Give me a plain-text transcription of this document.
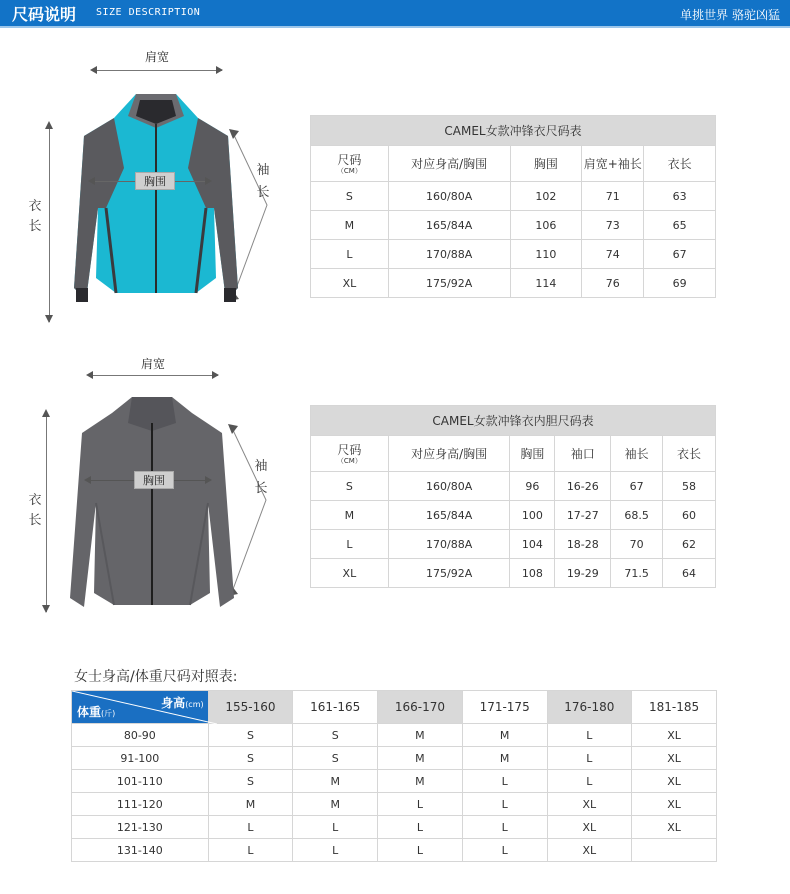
尺码说明 SIZE DESCRIPTION	单挑世界 骆驼凶猛
肩宽
衣
长
袖
长
胸围
CAMEL女款冲锋衣尺码表				
尺码
（CM）	对应身高/胸围	胸围	肩宽+袖长	衣长
S	160/80A	102	71	63
M	165/84A	106	73	65
L	170/88A	110	74	67
XL	175/92A	114	76	69
肩宽
衣
长
袖
长
胸围
CAMEL女款冲锋衣内胆尺码表					
尺码
（CM）	对应身高/胸围	胸围	袖口	袖长	衣长
S	160/80A	96	16-26	67	58
M	165/84A	100	17-27	68.5	60
L	170/88A	104	18-28	70	62
XL	175/92A	108	19-29	71.5	64
女士身高/体重尺码对照表:
身高(cm)
体重(斤)	155-160	161-165	166-170	171-175	176-180	181-185
80-90	S	S	M	M	L	XL
91-100	S	S	M	M	L	XL
101-110	S	M	M	L	L	XL
111-120	M	M	L	L	XL	XL
121-130	L	L	L	L	XL	XL
131-140	L	L	L	L	XL	
